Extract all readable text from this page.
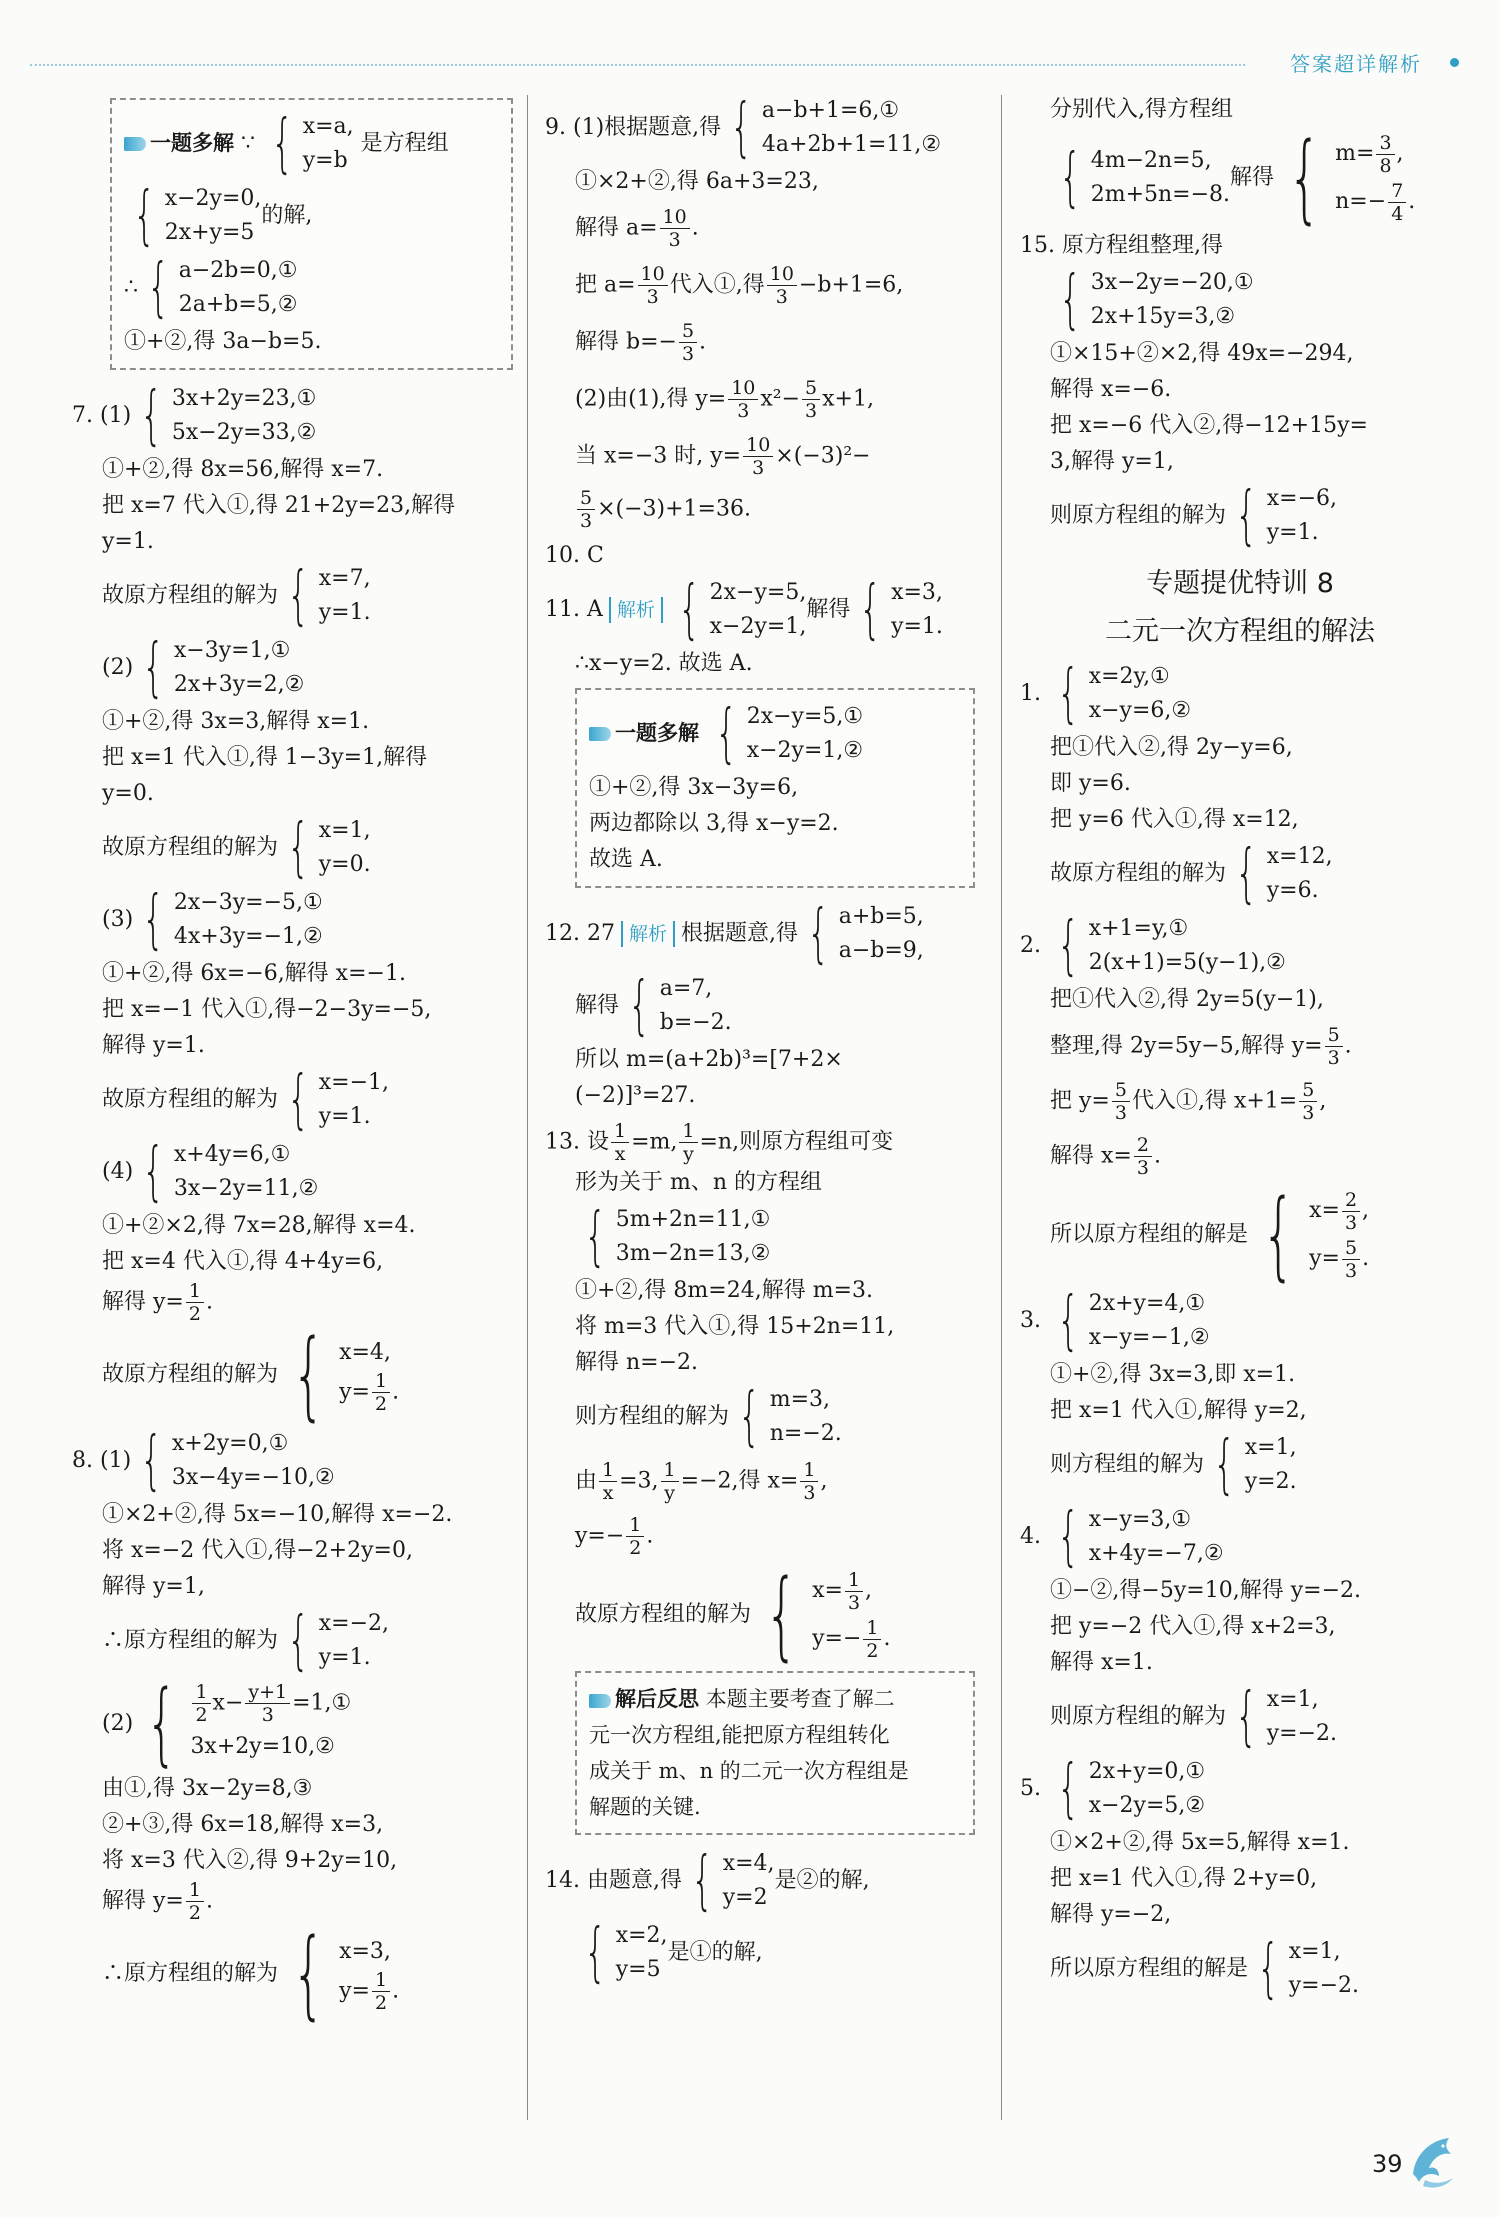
答案超详解析
一题多解 ∵ { x=a,
y=b
是方程组
{ x−2y=0,
2x+y=5
的解,
∴ { a−2b=0,①
2a+b=5,②
①+②,得 3a−b=5.
7. (1) { 3x+2y=23,①
5x−2y=33,②
①+②,得 8x=56,解得 x=7.
把 x=7 代入①,得 21+2y=23,解得
y=1.
故原方程组的解为 { x=7,
y=1.
(2) { x−3y=1,①
2x+3y=2,②
①+②,得 3x=3,解得 x=1.
把 x=1 代入①,得 1−3y=1,解得
y=0.
故原方程组的解为 { x=1,
y=0.
(3) { 2x−3y=−5,①
4x+3y=−1,②
①+②,得 6x=−6,解得 x=−1.
把 x=−1 代入①,得−2−3y=−5,
解得 y=1.
故原方程组的解为 { x=−1,
y=1.
(4) { x+4y=6,①
3x−2y=11,②
①+②×2,得 7x=28,解得 x=4.
把 x=4 代入①,得 4+4y=6,
解得 $y= \frac{1}{2}$ .
故原方程组的解为 { x=4,
$y= \frac{1}{2}$ .
8. (1) { x+2y=0,①
3x−4y=−10,②
①×2+②,得 5x=−10,解得 x=−2.
将 x=−2 代入①,得−2+2y=0,
解得 y=1,
∴原方程组的解为 { x=−2,
y=1.
(2) { $\frac{1}{2} x- \frac{y+1}{3}$ =1,①
3x+2y=10,②
由①,得 3x−2y=8,③
②+③,得 6x=18,解得 x=3,
将 x=3 代入②,得 9+2y=10,
解得 $y= \frac{1}{2}$ .
∴原方程组的解为 { x=3,
$y= \frac{1}{2}$ .
9. (1)根据题意,得 { a−b+1=6,①
4a+2b+1=11,②
①×2+②,得 6a+3=23,
解得 $a= \frac{10}{3}$ .
把 $a= \frac{10}{3}$ 代入①,得 $\frac{10}{3} -b+1=6$,
解得 $b=- \frac{5}{3}$ .
(2)由(1),得 $y= \frac{10}{3} x^2- \frac{5}{3} x+1$,
当 x=−3 时, $y= \frac{10}{3} \times(-3)^2-$
$\frac{5}{3} \times(-3)+1=36$.
10. C
11. A 解析 { 2x−y=5,
x−2y=1,
解得 { x=3,
y=1.
∴x−y=2. 故选 A.
一题多解 { 2x−y=5,①
x−2y=1,②
①+②,得 3x−3y=6,
两边都除以 3,得 x−y=2.
故选 A.
12. 27 解析 根据题意,得 { a+b=5,
a−b=9,
解得 { a=7,
b=−2.
所以 m=(a+2b)³=[7+2×
(−2)]³=27.
13. 设 $\frac{1}{x} =m$, $\frac{1}{y} =n$,则原方程组可变
形为关于 m、n 的方程组
{ 5m+2n=11,①
3m−2n=13,②
①+②,得 8m=24,解得 m=3.
将 m=3 代入①,得 15+2n=11,
解得 n=−2.
则方程组的解为 { m=3,
n=−2.
由 $\frac{1}{x} =3$, $\frac{1}{y} =-2$,得 $x= \frac{1}{3}$ ,
$y=- \frac{1}{2}$ .
故原方程组的解为 { $x= \frac{1}{3}$ ,
$y=- \frac{1}{2}$ .
解后反思 本题主要考查了解二
元一次方程组,能把原方程组转化
成关于 m、n 的二元一次方程组是
解题的关键.
14. 由题意,得 { x=4,
y=2
是②的解,
{ x=2,
y=5
是①的解,
分别代入,得方程组
{ 4m−2n=5,
2m+5n=−8.
解得 { $m= \frac{3}{8}$ ,
$n=- \frac{7}{4}$ .
15. 原方程组整理,得
{ 3x−2y=−20,①
2x+15y=3,②
①×15+②×2,得 49x=−294,
解得 x=−6.
把 x=−6 代入②,得−12+15y=
3,解得 y=1,
则原方程组的解为 { x=−6,
y=1.
专题提优特训 8
二元一次方程组的解法
1. { x=2y,①
x−y=6,②
把①代入②,得 2y−y=6,
即 y=6.
把 y=6 代入①,得 x=12,
故原方程组的解为 { x=12,
y=6.
2. { x+1=y,①
2(x+1)=5(y−1),②
把①代入②,得 2y=5(y−1),
整理,得 2y=5y−5,解得 $y= \frac{5}{3}$ .
把 $y= \frac{5}{3}$ 代入①,得 $x+1= \frac{5}{3}$ ,
解得 $x= \frac{2}{3}$ .
所以原方程组的解是 { $x= \frac{2}{3}$ ,
$y= \frac{5}{3}$ .
3. { 2x+y=4,①
x−y=−1,②
①+②,得 3x=3,即 x=1.
把 x=1 代入①,解得 y=2,
则方程组的解为 { x=1,
y=2.
4. { x−y=3,①
x+4y=−7,②
①−②,得−5y=10,解得 y=−2.
把 y=−2 代入①,得 x+2=3,
解得 x=1.
则原方程组的解为 { x=1,
y=−2.
5. { 2x+y=0,①
x−2y=5,②
①×2+②,得 5x=5,解得 x=1.
把 x=1 代入①,得 2+y=0,
解得 y=−2,
所以原方程组的解是 { x=1,
y=−2.
39
